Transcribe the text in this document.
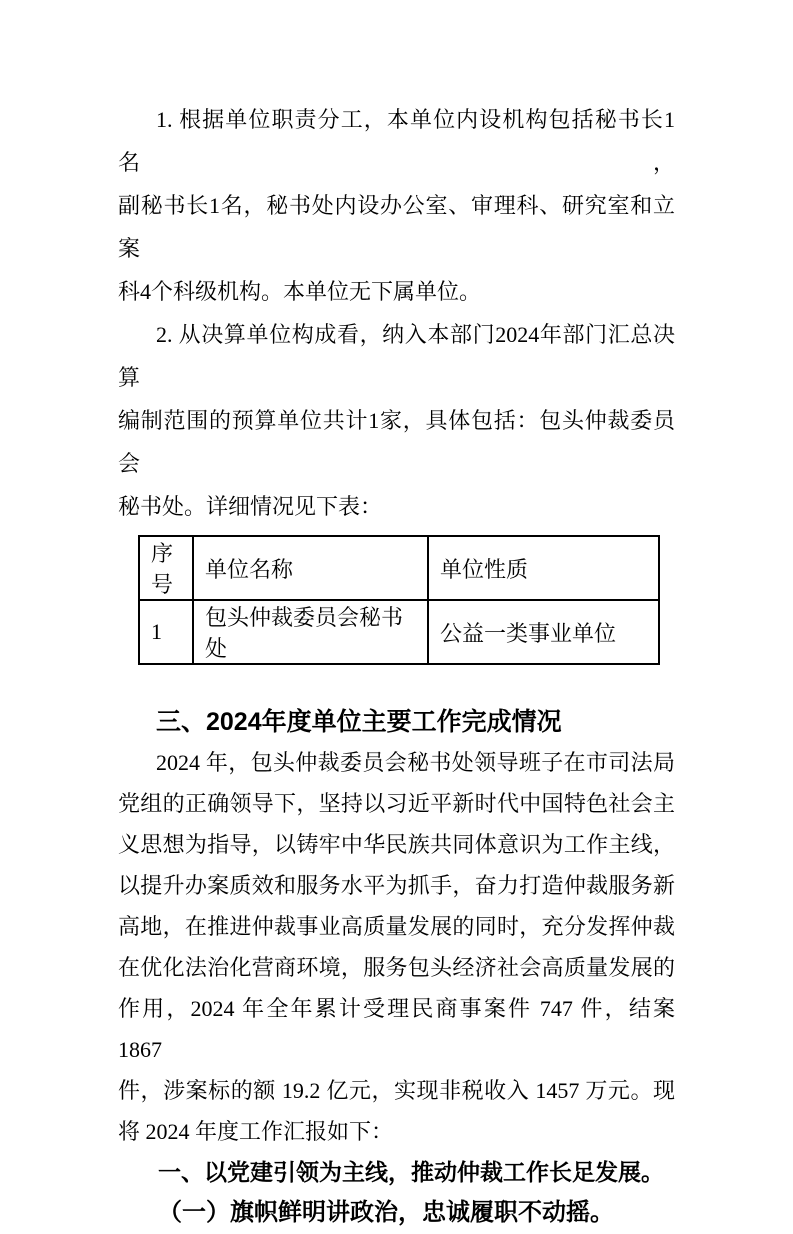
1. 根据单位职责分工，本单位内设机构包括秘书长1名，
副秘书长1名，秘书处内设办公室、审理科、研究室和立案
科4个科级机构。本单位无下属单位。
2. 从决算单位构成看，纳入本部门2024年部门汇总决算
编制范围的预算单位共计1家，具体包括：包头仲裁委员会
秘书处。详细情况见下表：
序号	单位名称	单位性质
1	包头仲裁委员会秘书处	公益一类事业单位
三、2024年度单位主要工作完成情况
2024 年，包头仲裁委员会秘书处领导班子在市司法局
党组的正确领导下，坚持以习近平新时代中国特色社会主
义思想为指导，以铸牢中华民族共同体意识为工作主线，
以提升办案质效和服务水平为抓手，奋力打造仲裁服务新
高地，在推进仲裁事业高质量发展的同时，充分发挥仲裁
在优化法治化营商环境，服务包头经济社会高质量发展的
作用，2024 年全年累计受理民商事案件 747 件，结案 1867
件，涉案标的额 19.2 亿元，实现非税收入 1457 万元。现
将 2024 年度工作汇报如下：
一、以党建引领为主线，推动仲裁工作长足发展。
（一）旗帜鲜明讲政治，忠诚履职不动摇。
